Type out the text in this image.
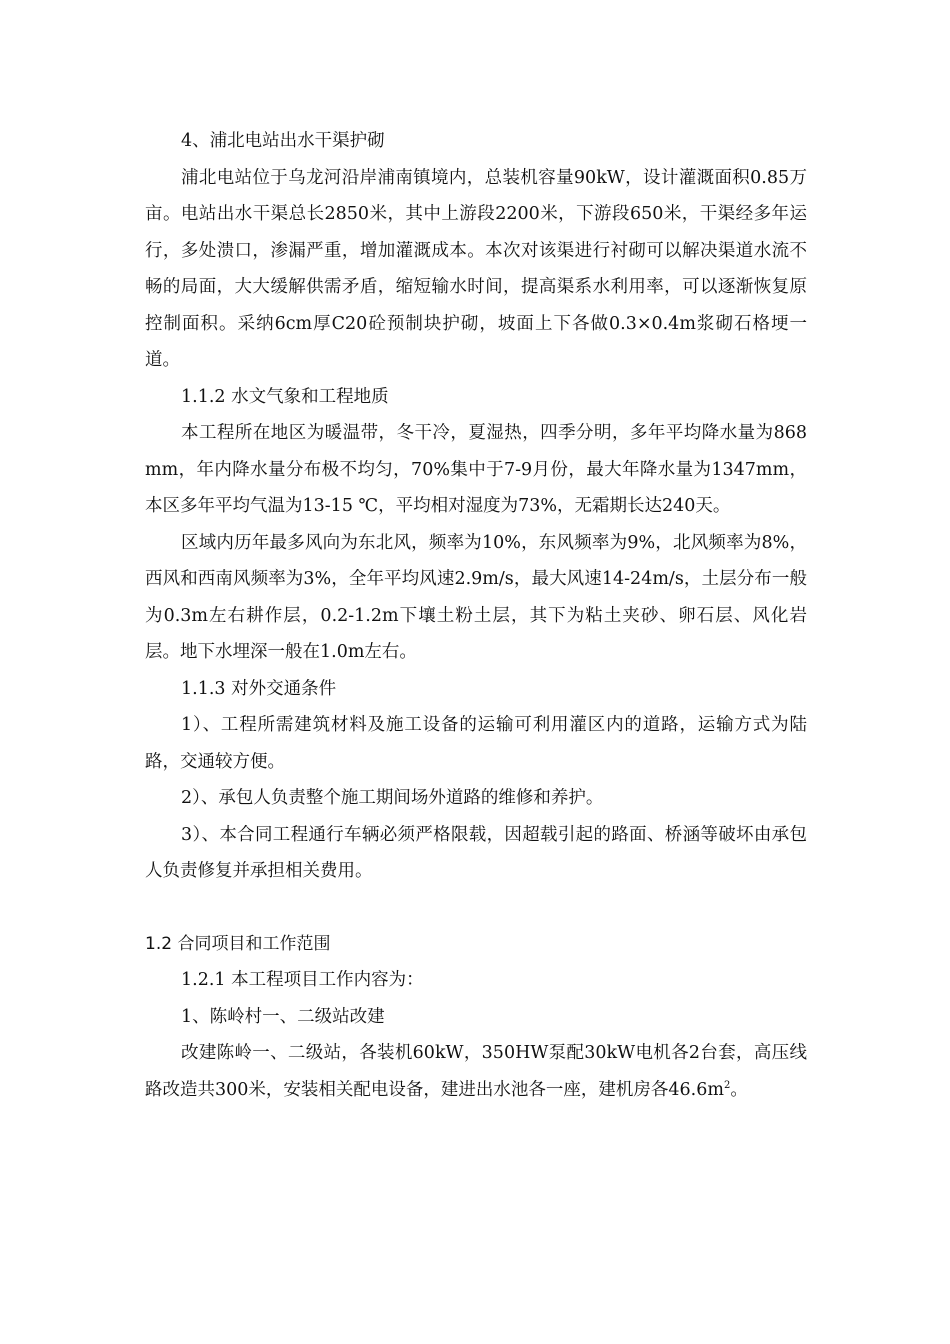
4、浦北电站出水干渠护砌

浦北电站位于乌龙河沿岸浦南镇境内，总装机容量90kW，设计灌溉面积0.85万亩。电站出水干渠总长2850米，其中上游段2200米，下游段650米，干渠经多年运行，多处溃口，渗漏严重，增加灌溉成本。本次对该渠进行衬砌可以解决渠道水流不畅的局面，大大缓解供需矛盾，缩短输水时间，提高渠系水利用率，可以逐渐恢复原控制面积。采纳6cm厚C20砼预制块护砌，坡面上下各做0.3×0.4m浆砌石格埂一道。

1.1.2 水文气象和工程地质

本工程所在地区为暖温带，冬干冷，夏湿热，四季分明，多年平均降水量为868mm，年内降水量分布极不均匀，70%集中于7-9月份，最大年降水量为1347mm，本区多年平均气温为13-15 ℃，平均相对湿度为73%，无霜期长达240天。

区域内历年最多风向为东北风，频率为10%，东风频率为9%，北风频率为8%，西风和西南风频率为3%，全年平均风速2.9m/s，最大风速14-24m/s，土层分布一般为0.3m左右耕作层，0.2-1.2m下壤土粉土层，其下为粘土夹砂、卵石层、风化岩层。地下水埋深一般在1.0m左右。

1.1.3 对外交通条件

1）、工程所需建筑材料及施工设备的运输可利用灌区内的道路，运输方式为陆路，交通较方便。

2）、承包人负责整个施工期间场外道路的维修和养护。

3）、本合同工程通行车辆必须严格限载，因超载引起的路面、桥涵等破坏由承包人负责修复并承担相关费用。

1.2 合同项目和工作范围

1.2.1 本工程项目工作内容为：

1、陈岭村一、二级站改建

改建陈岭一、二级站，各装机60kW，350HW泵配30kW电机各2台套，高压线路改造共300米，安装相关配电设备，建进出水池各一座，建机房各$46.6m^2$。
